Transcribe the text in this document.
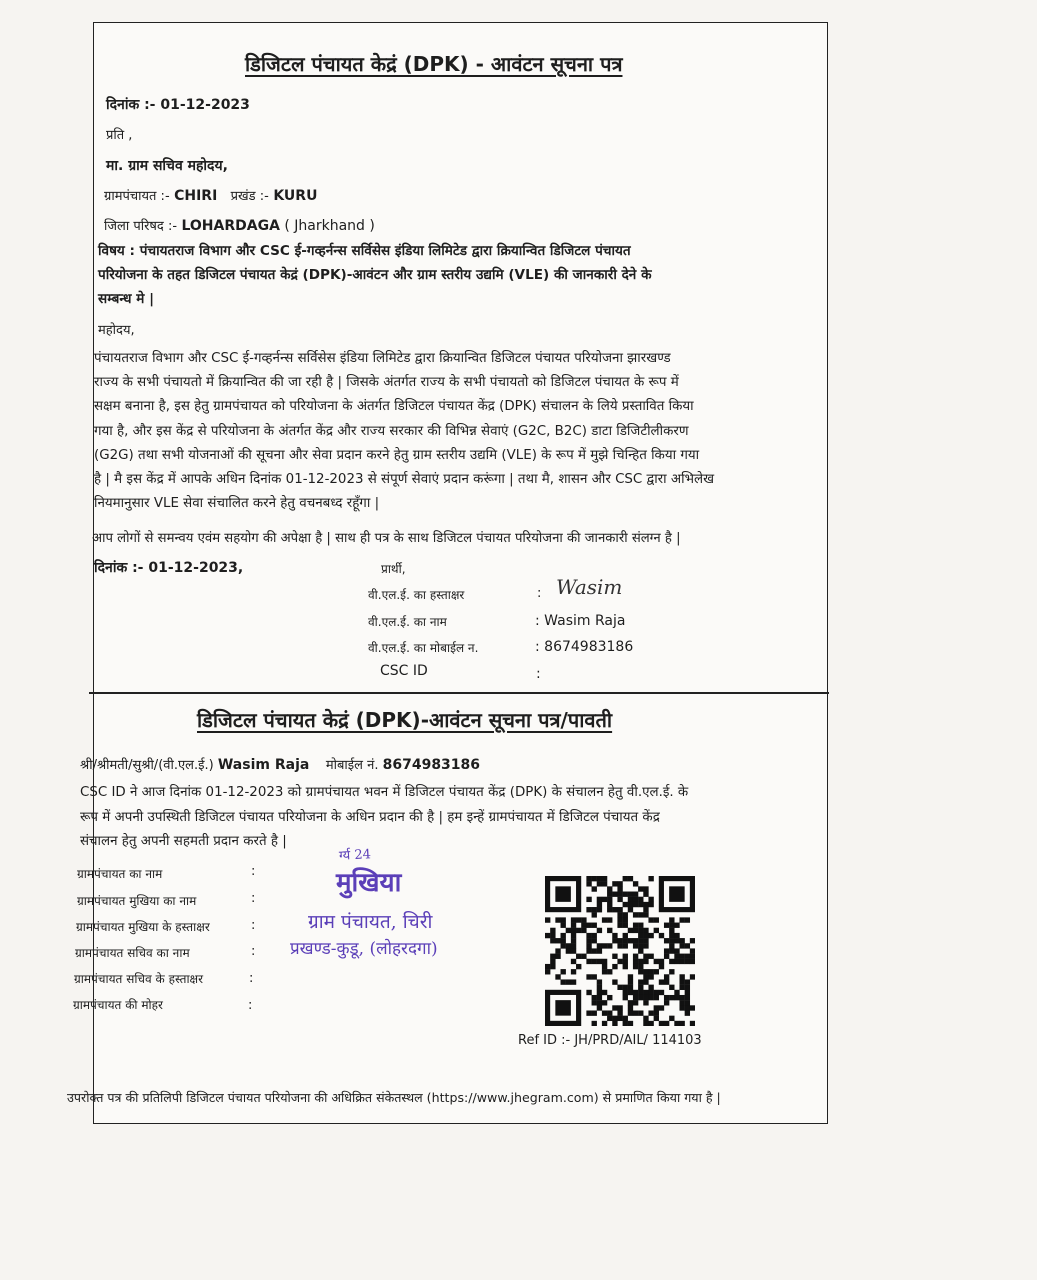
डिजिटल पंचायत केद्रं (DPK) - आवंटन सूचना पत्र
दिनांक :- 01-12-2023
प्रति ,
मा. ग्राम सचिव महोदय,
ग्रामपंचायत :- CHIRI प्रखंड :- KURU
जिला परिषद :- LOHARDAGA ( Jharkhand )
विषय : पंचायतराज विभाग और CSC ई-गव्हर्नन्स सर्विसेस इंडिया लिमिटेड द्वारा क्रियान्वित डिजिटल पंचायत
परियोजना के तहत डिजिटल पंचायत केद्रं (DPK)-आवंटन और ग्राम स्तरीय उद्यमि (VLE) की जानकारी देने के
सम्बन्ध मे |
महोदय,
पंचायतराज विभाग और CSC ई-गव्हर्नन्स सर्विसेस इंडिया लिमिटेड द्वारा क्रियान्वित डिजिटल पंचायत परियोजना झारखण्ड
राज्य के सभी पंचायतो में क्रियान्वित की जा रही है | जिसके अंतर्गत राज्य के सभी पंचायतो को डिजिटल पंचायत के रूप में
सक्षम बनाना है, इस हेतु ग्रामपंचायत को परियोजना के अंतर्गत डिजिटल पंचायत केंद्र (DPK) संचालन के लिये प्रस्तावित किया
गया है, और इस केंद्र से परियोजना के अंतर्गत केंद्र और राज्य सरकार की विभिन्न सेवाएं (G2C, B2C) डाटा डिजिटीलीकरण
(G2G) तथा सभी योजनाओं की सूचना और सेवा प्रदान करने हेतु ग्राम स्तरीय उद्यमि (VLE) के रूप में मुझे चिन्हित किया गया
है | मै इस केंद्र में आपके अधिन दिनांक 01-12-2023 से संपूर्ण सेवाएं प्रदान करूंगा | तथा मै, शासन और CSC द्वारा अभिलेख
नियमानुसार VLE सेवा संचालित करने हेतु वचनबध्द रहूँगा |
आप लोगों से समन्वय एवंम सहयोग की अपेक्षा है | साथ ही पत्र के साथ डिजिटल पंचायत परियोजना की जानकारी संलग्न है |
दिनांक :- 01-12-2023,	प्रार्थी,
वी.एल.ई. का हस्ताक्षर	: Wasim
वी.एल.ई. का नाम	: Wasim Raja
वी.एल.ई. का मोबाईल न.	: 8674983186
CSC ID	:
डिजिटल पंचायत केद्रं (DPK)-आवंटन सूचना पत्र/पावती
श्री/श्रीमती/सुश्री/(वी.एल.ई.) Wasim Raja मोबाईल नं. 8674983186
CSC ID ने आज दिनांक 01-12-2023 को ग्रामपंचायत भवन में डिजिटल पंचायत केंद्र (DPK) के संचालन हेतु वी.एल.ई. के
रूप में अपनी उपस्थिती डिजिटल पंचायत परियोजना के अधिन प्रदान की है | हम इन्हें ग्रामपंचायत में डिजिटल पंचायत केंद्र
संचालन हेतु अपनी सहमती प्रदान करते है |
ग्रामपंचायत का नाम	:
ग्रामपंचायत मुखिया का नाम	:
ग्रामपंचायत मुखिया के हस्ताक्षर	:
ग्रामपंचायत सचिव का नाम	:
ग्रामपंचायत सचिव के हस्ताक्षर	:
ग्रामपंचायत की मोहर	:
र्ग्य 24
मुखिया
ग्राम पंचायत, चिरी
प्रखण्ड-कुडू, (लोहरदगा)
Ref ID :- JH/PRD/AIL/ 114103
उपरोक्त पत्र की प्रतिलिपी डिजिटल पंचायत परियोजना की अधिक्रित संकेतस्थल (https://www.jhegram.com) से प्रमाणित किया गया है |
